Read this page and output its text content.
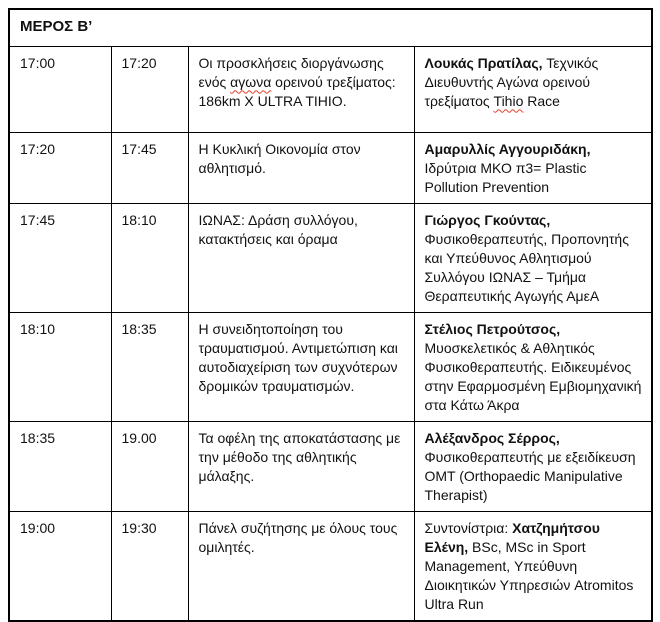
ΜΕΡΟΣ Β’			
17:00	17:20	Οι προσκλήσεις διοργάνωσης ενός αγωνα ορεινού τρεξίματος: 186km X ULTRA TIHIO.	Λουκάς Πρατίλας, Τεχνικός Διευθυντής Αγώνα ορεινού τρεξίματος Tihio Race
17:20	17:45	Η Κυκλική Οικονομία στον αθλητισμό.	Αμαρυλλίς Αγγουριδάκη, Ιδρύτρια ΜΚΟ π3= Plastic Pollution Prevention
17:45	18:10	ΙΩΝΑΣ: Δράση συλλόγου, κατακτήσεις και όραμα	Γιώργος Γκούντας, Φυσικοθεραπευτής, Προπονητής και Υπεύθυνος Αθλητισμού Συλλόγου ΙΩΝΑΣ – Τμήμα Θεραπευτικής Αγωγής ΑμεΑ
18:10	18:35	Η συνειδητοποίηση του τραυματισμού. Αντιμετώπιση και αυτοδιαχείριση των συχνότερων δρομικών τραυματισμών.	Στέλιος Πετρούτσος, Μυοσκελετικός & Αθλητικός Φυσικοθεραπευτής. Ειδικευμένος στην Εφαρμοσμένη Εμβιομηχανική στα Κάτω Άκρα
18:35	19.00	Τα οφέλη της αποκατάστασης με την μέθοδο της αθλητικής μάλαξης.	Αλέξανδρος Σέρρος, Φυσικοθεραπευτής με εξειδίκευση ΟΜΤ (Orthopaedic Manipulative Therapist)
19:00	19:30	Πάνελ συζήτησης με όλους τους ομιλητές.	Συντονίστρια: Χατζημήτσου Ελένη, BSc, MSc in Sport Management, Υπεύθυνη Διοικητικών Υπηρεσιών Atromitos Ultra Run
